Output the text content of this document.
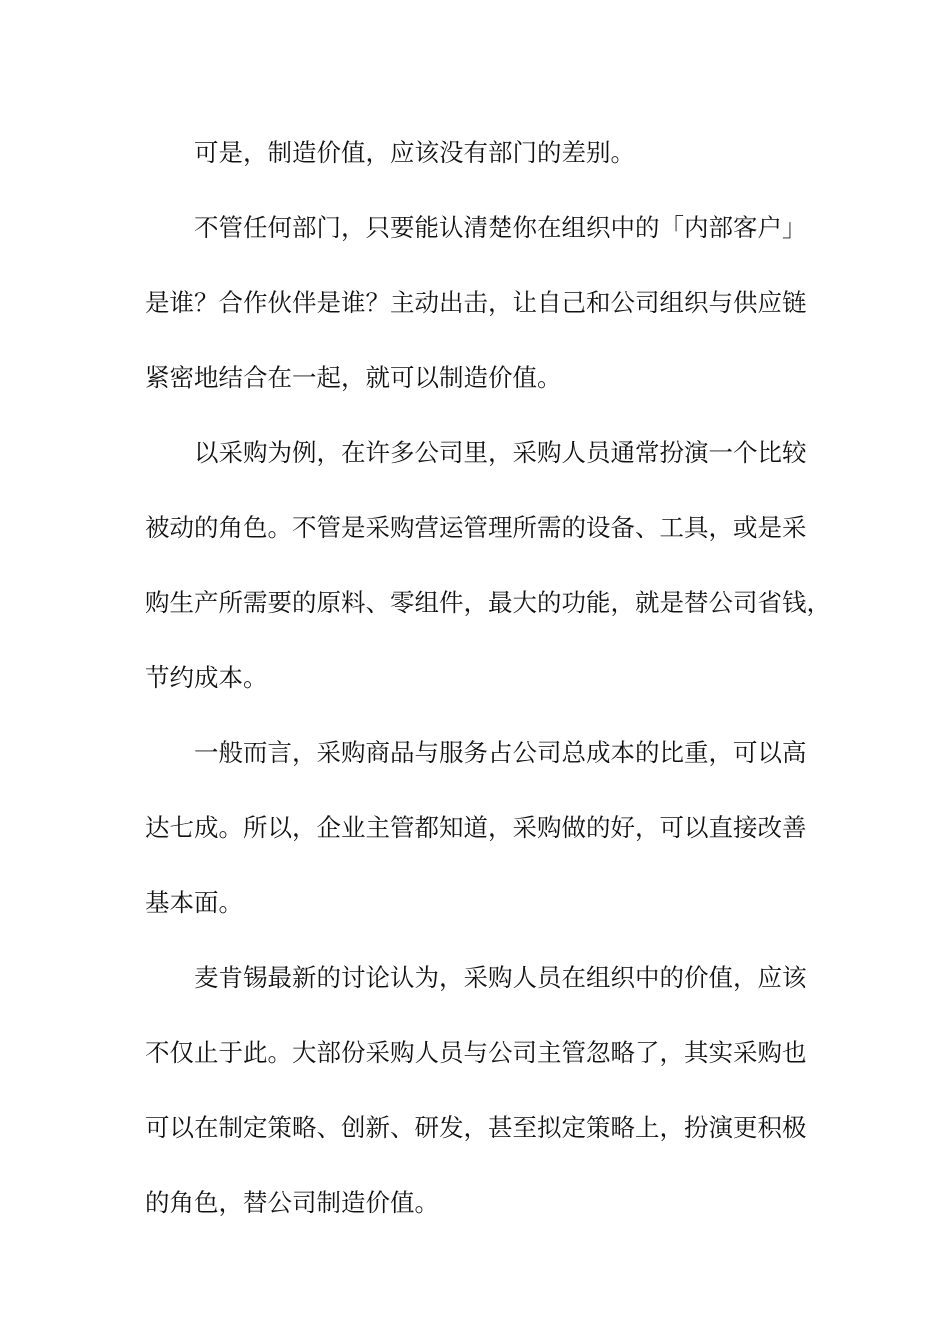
可是，制造价值，应该没有部门的差别。
不管任何部门，只要能认清楚你在组织中的「内部客户」
是谁？合作伙伴是谁？主动出击，让自己和公司组织与供应链
紧密地结合在一起，就可以制造价值。
以采购为例，在许多公司里，采购人员通常扮演一个比较
被动的角色。不管是采购营运管理所需的设备、工具，或是采
购生产所需要的原料、零组件，最大的功能，就是替公司省钱，
节约成本。
一般而言，采购商品与服务占公司总成本的比重，可以高
达七成。所以，企业主管都知道，采购做的好，可以直接改善
基本面。
麦肯锡最新的讨论认为，采购人员在组织中的价值，应该
不仅止于此。大部份采购人员与公司主管忽略了，其实采购也
可以在制定策略、创新、研发，甚至拟定策略上，扮演更积极
的角色，替公司制造价值。
